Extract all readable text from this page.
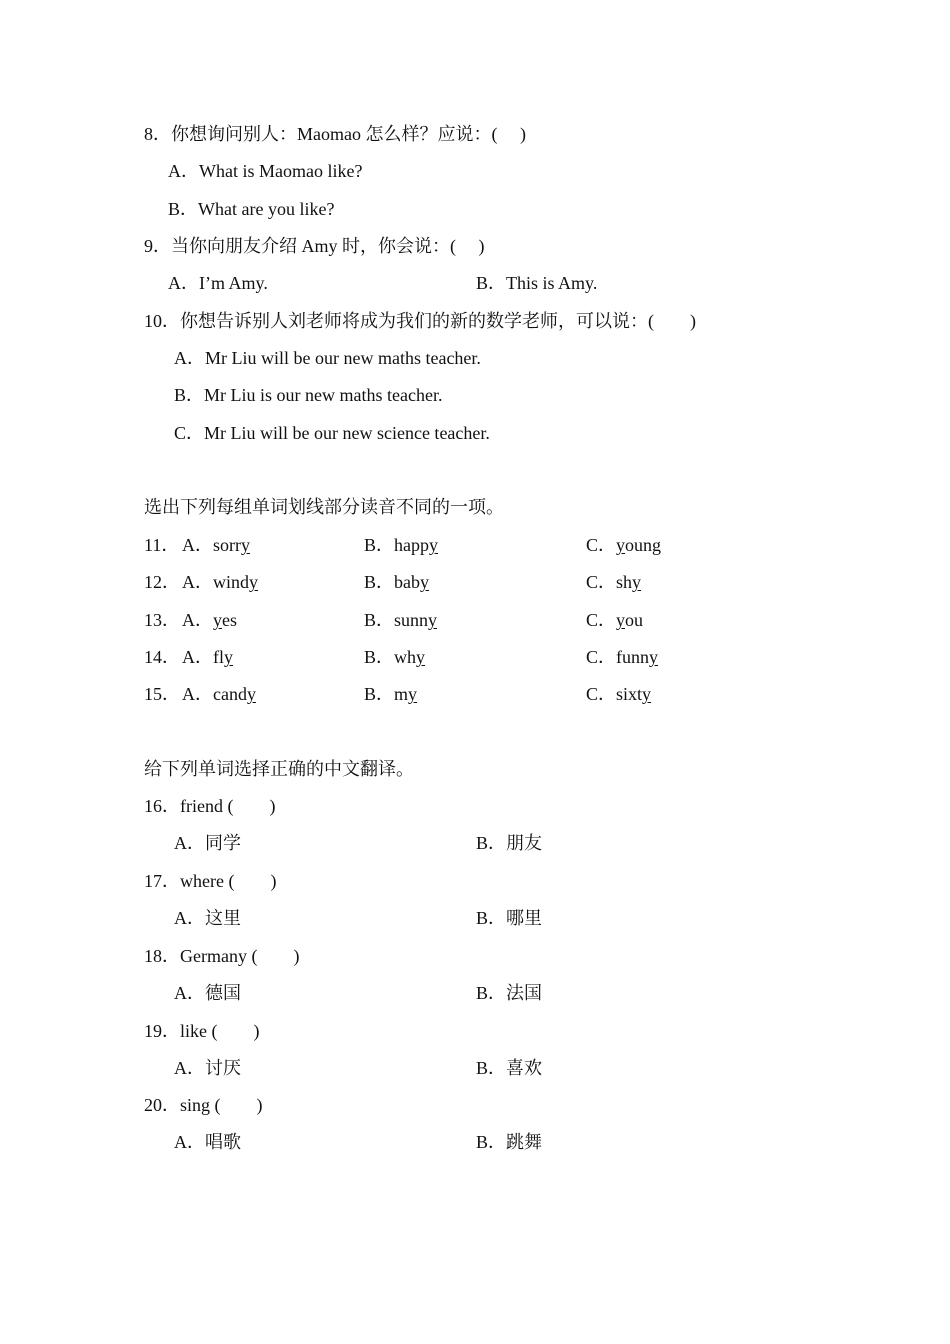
8．你想询问别人：Maomao 怎么样？应说：(　 )
A．What is Maomao like?
B．What are you like?
9．当你向朋友介绍 Amy 时，你会说：(　 )
A．I’m Amy.	B．This is Amy.
10．你想告诉别人刘老师将成为我们的新的数学老师，可以说：(　　)
A．Mr Liu will be our new maths teacher.
B．Mr Liu is our new maths teacher.
C．Mr Liu will be our new science teacher.
选出下列每组单词划线部分读音不同的一项。
11． A．sorry	B．happy	C．young
12． A．windy	B．baby	C．shy
13． A．yes	B．sunny	C．you
14． A．fly	B．why	C．funny
15． A．candy	B．my	C．sixty
给下列单词选择正确的中文翻译。
16．friend (　　)
A．同学	B．朋友
17．where (　　)
A．这里	B．哪里
18．Germany (　　)
A．德国	B．法国
19．like (　　)
A．讨厌	B．喜欢
20．sing (　　)
A．唱歌	B．跳舞
